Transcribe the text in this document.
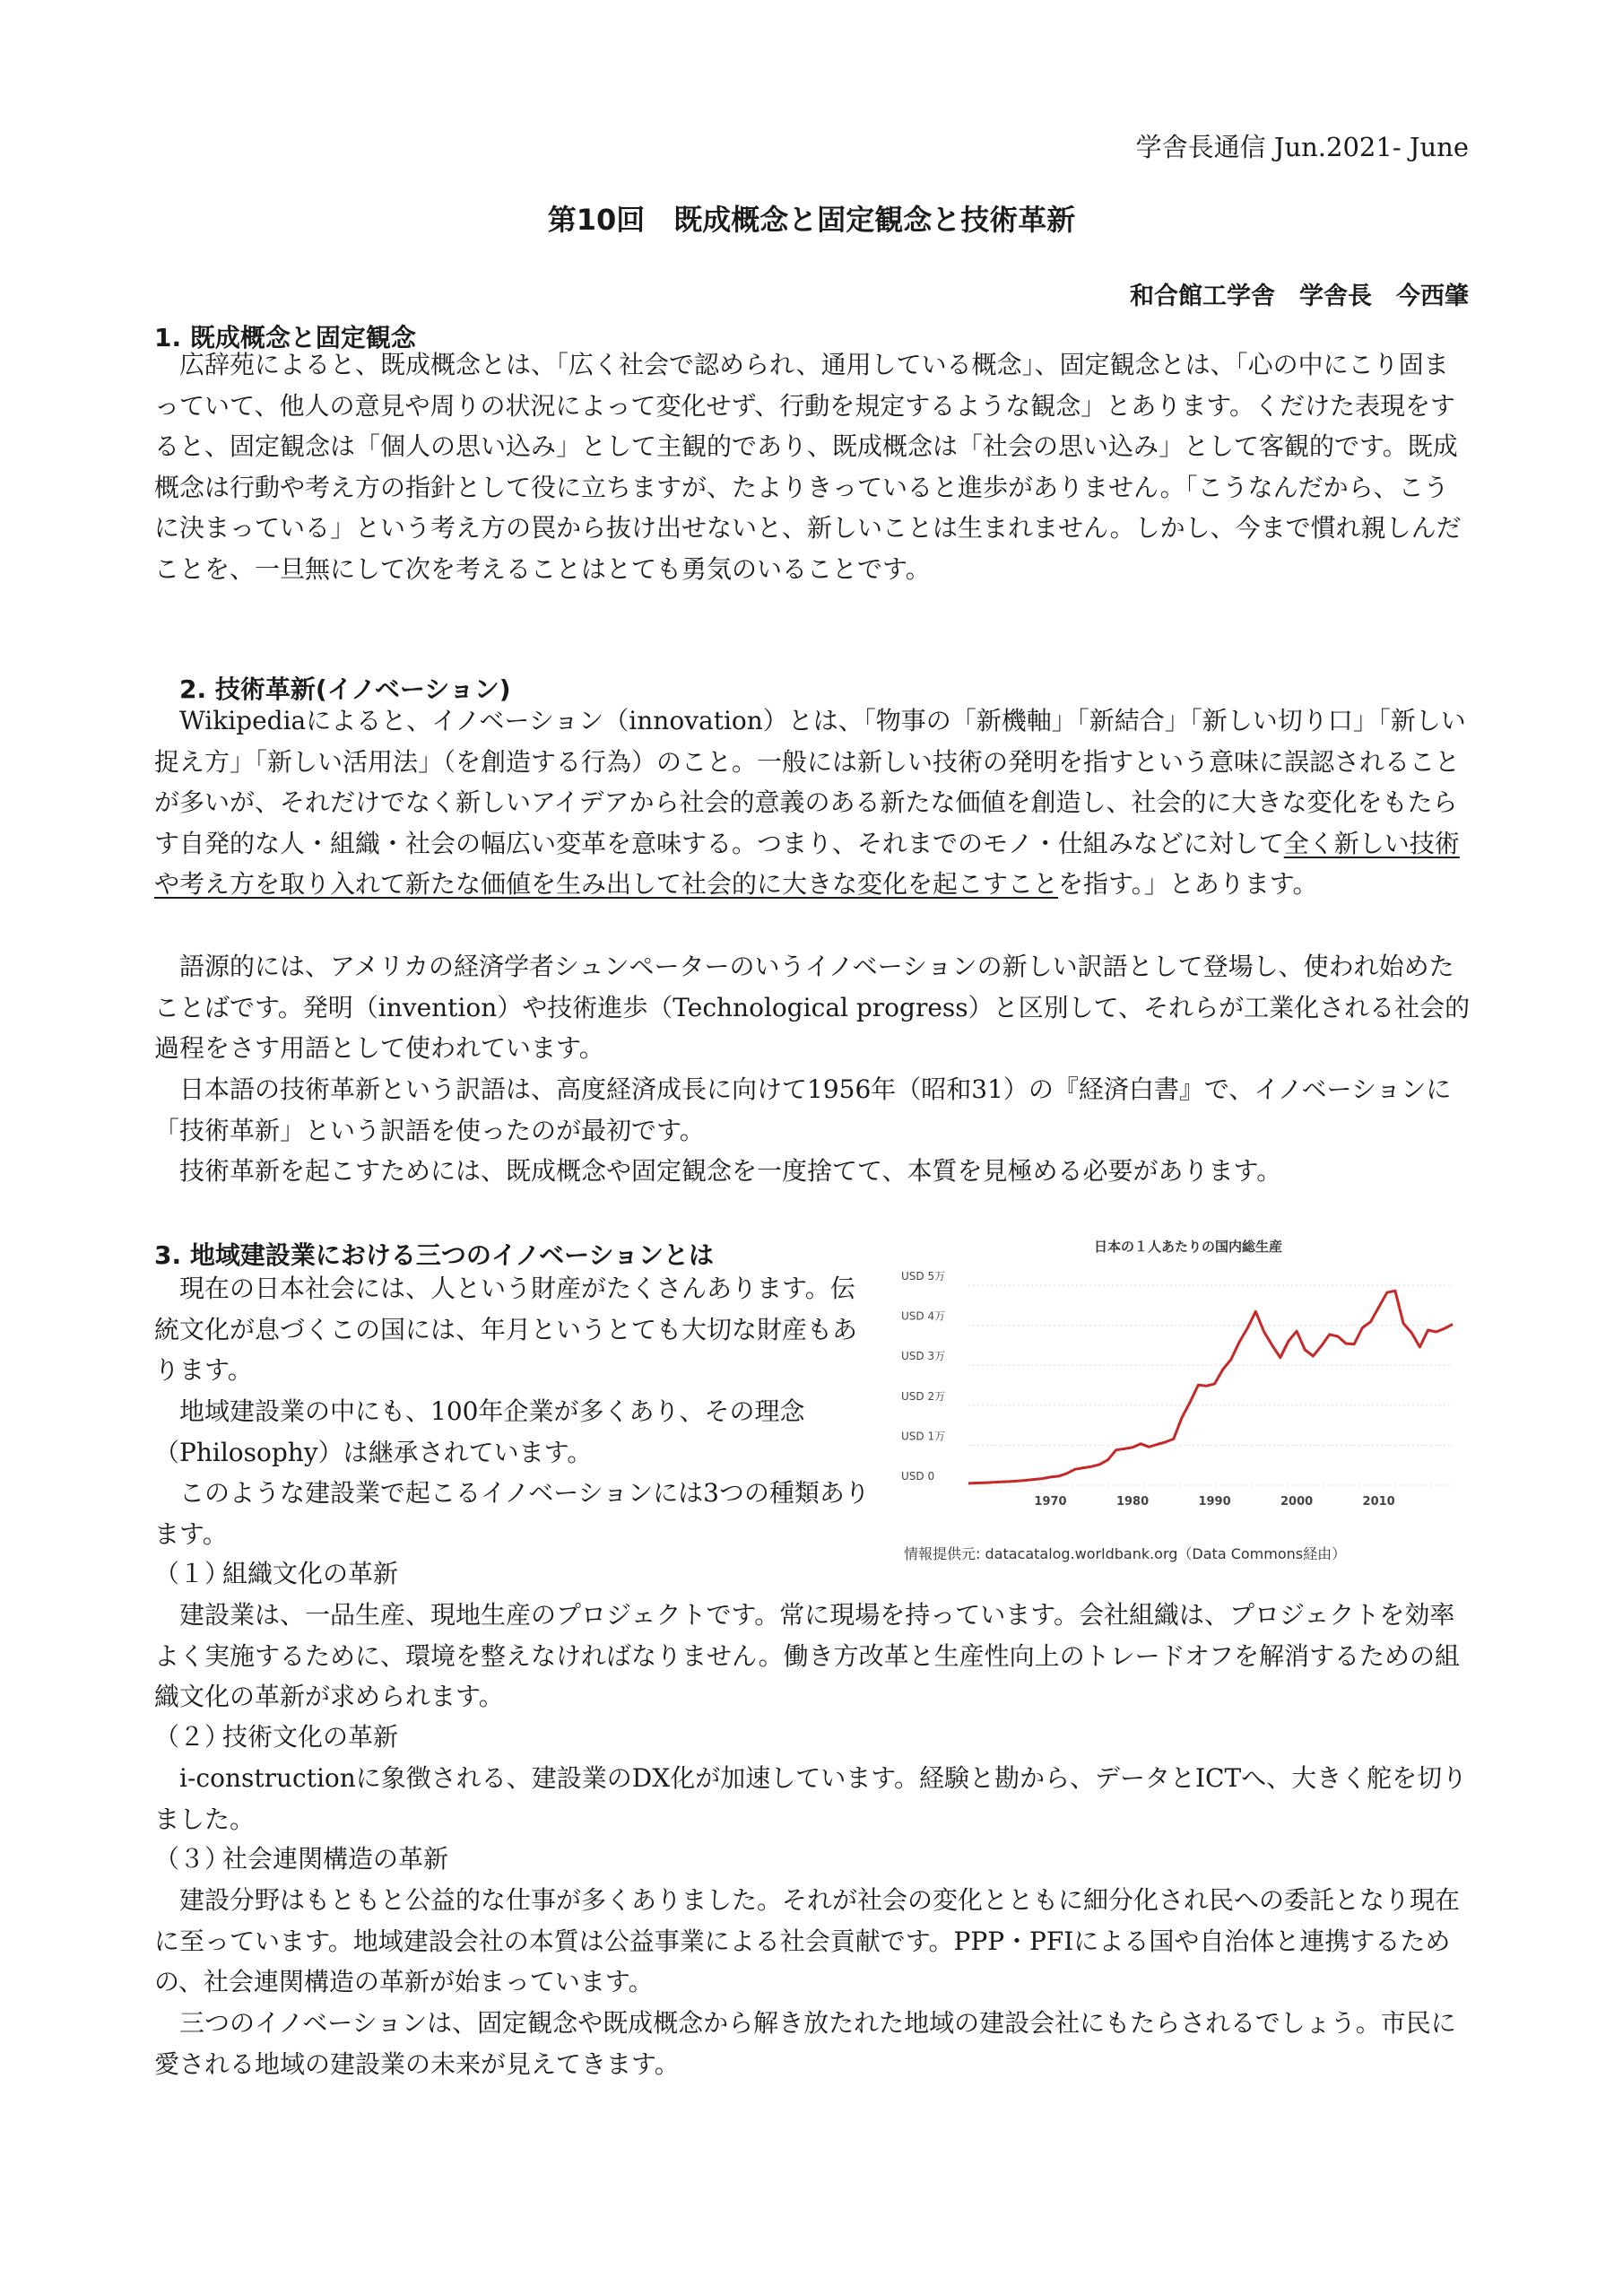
学舎長通信 Jun.2021- June
第10回　既成概念と固定観念と技術革新
和合館工学舎　学舎長　今西肇
1. 既成概念と固定観念

広辞苑によると、既成概念とは、「広く社会で認められ、通用している概念」、固定観念とは、「心の中にこり固まっていて、他人の意見や周りの状況によって変化せず、行動を規定するような観念」とあります。くだけた表現をすると、固定観念は「個人の思い込み」として主観的であり、既成概念は「社会の思い込み」として客観的です。既成概念は行動や考え方の指針として役に立ちますが、たよりきっていると進歩がありません。「こうなんだから、こうに決まっている」という考え方の罠から抜け出せないと、新しいことは生まれません。しかし、今まで慣れ親しんだことを、一旦無にして次を考えることはとても勇気のいることです。

2. 技術革新(イノベーション)

Wikipediaによると、イノベーション（innovation）とは、「物事の「新機軸」「新結合」「新しい切り口」「新しい捉え方」「新しい活用法」（を創造する行為）のこと。一般には新しい技術の発明を指すという意味に誤認されることが多いが、それだけでなく新しいアイデアから社会的意義のある新たな価値を創造し、社会的に大きな変化をもたらす自発的な人・組織・社会の幅広い変革を意味する。つまり、それまでのモノ・仕組みなどに対して全く新しい技術や考え方を取り入れて新たな価値を生み出して社会的に大きな変化を起こすことを指す。」とあります。

語源的には、アメリカの経済学者シュンペーターのいうイノベーションの新しい訳語として登場し、使われ始めたことばです。発明（invention）や技術進歩（Technological progress）と区別して、それらが工業化される社会的過程をさす用語として使われています。

日本語の技術革新という訳語は、高度経済成長に向けて1956年（昭和31）の『経済白書』で、イノベーションに「技術革新」という訳語を使ったのが最初です。

技術革新を起こすためには、既成概念や固定観念を一度捨てて、本質を見極める必要があります。

3. 地域建設業における三つのイノベーションとは

現在の日本社会には、人という財産がたくさんあります。伝統文化が息づくこの国には、年月というとても大切な財産もあります。

地域建設業の中にも、100年企業が多くあり、その理念（Philosophy）は継承されています。

このような建設業で起こるイノベーションには3つの種類あります。

（１）組織文化の革新

建設業は、一品生産、現地生産のプロジェクトです。常に現場を持っています。会社組織は、プロジェクトを効率よく実施するために、環境を整えなければなりません。働き方改革と生産性向上のトレードオフを解消するための組織文化の革新が求められます。

（２）技術文化の革新

i-constructionに象徴される、建設業のDX化が加速しています。経験と勘から、データとICTへ、大きく舵を切りました。

（３）社会連関構造の革新

建設分野はもともと公益的な仕事が多くありました。それが社会の変化とともに細分化され民への委託となり現在に至っています。地域建設会社の本質は公益事業による社会貢献です。PPP・PFIによる国や自治体と連携するための、社会連関構造の革新が始まっています。

三つのイノベーションは、固定観念や既成概念から解き放たれた地域の建設会社にもたらされるでしょう。市民に愛される地域の建設業の未来が見えてきます。

日本の１人あたりの国内総生産
USD 0
USD 1万
USD 2万
USD 3万
USD 4万
USD 5万
1970	1980	1990	2000	2010
情報提供元: datacatalog.worldbank.org（Data Commons経由）
